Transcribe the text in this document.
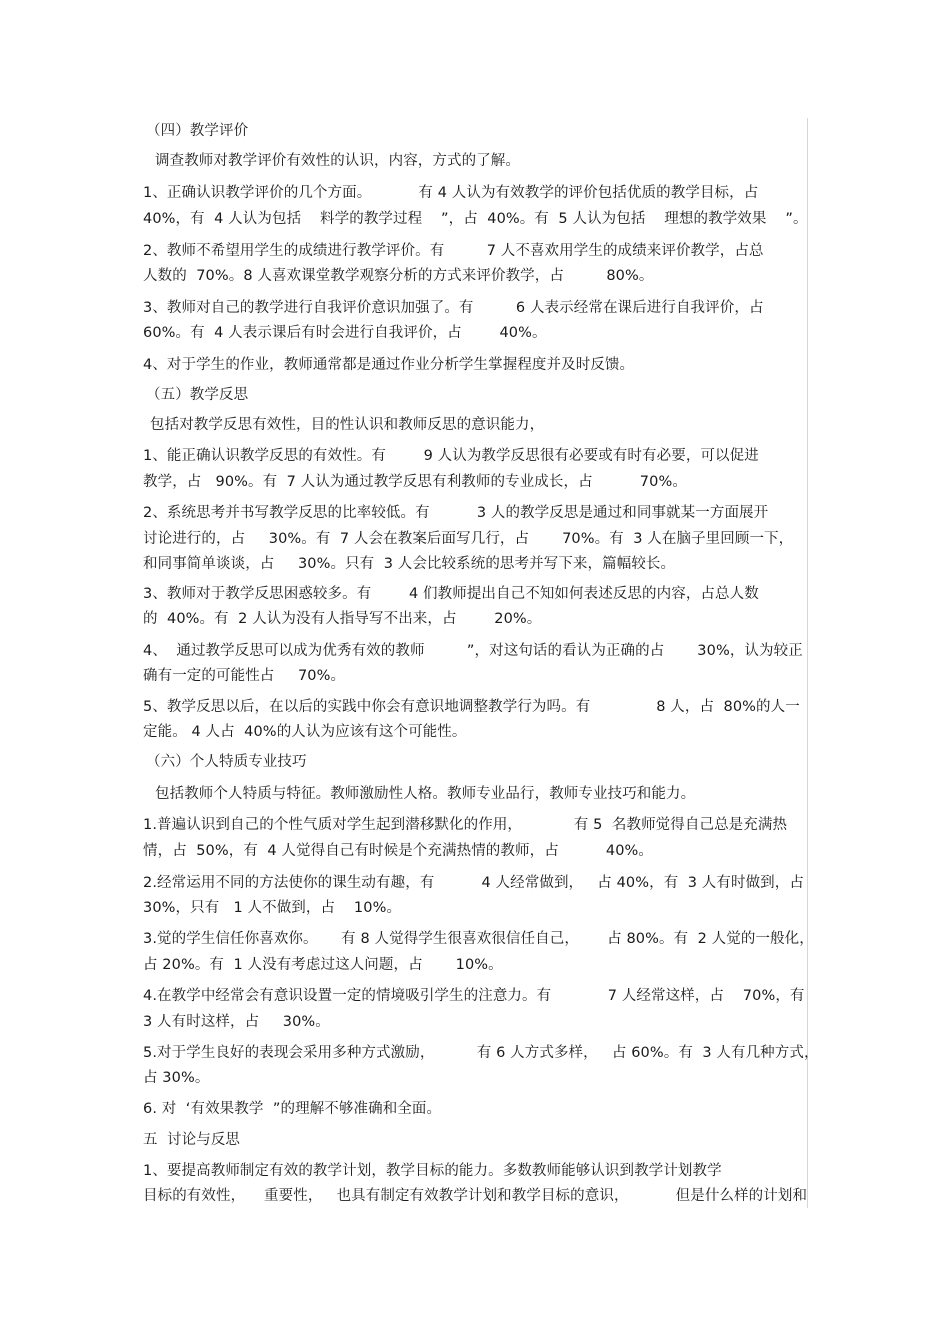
（四）教学评价
调查教师对教学评价有效性的认识，内容，方式的了解。
1、正确认识教学评价的几个方面。          有 4 人认为有效教学的评价包括优质的教学目标，占
40%，有  4 人认为包括    料学的教学过程    ”，占  40%。有  5 人认为包括    理想的教学效果    ”。
2、教师不希望用学生的成绩进行教学评价。有         7 人不喜欢用学生的成绩来评价教学，占总
人数的  70%。8 人喜欢课堂教学观察分析的方式来评价教学，占         80%。
3、教师对自己的教学进行自我评价意识加强了。有         6 人表示经常在课后进行自我评价，占
60%。有  4 人表示课后有时会进行自我评价，占        40%。
4、对于学生的作业，教师通常都是通过作业分析学生掌握程度并及时反馈。
（五）教学反思
包括对教学反思有效性，目的性认识和教师反思的意识能力，
1、能正确认识教学反思的有效性。有        9 人认为教学反思很有必要或有时有必要，可以促进
教学，占   90%。有  7 人认为通过教学反思有利教师的专业成长，占          70%。
2、系统思考并书写教学反思的比率较低。有          3 人的教学反思是通过和同事就某一方面展开
讨论进行的，占     30%。有  7 人会在教案后面写几行，占       70%。有  3 人在脑子里回顾一下，
和同事简单谈谈，占     30%。只有  3 人会比较系统的思考并写下来，篇幅较长。
3、教师对于教学反思困惑较多。有        4 们教师提出自己不知如何表述反思的内容，占总人数
的  40%。有  2 人认为没有人指导写不出来，占        20%。
4、  通过教学反思可以成为优秀有效的教师         ”，对这句话的看认为正确的占       30%，认为较正
确有一定的可能性占     70%。
5、教学反思以后，在以后的实践中你会有意识地调整教学行为吗。有              8 人，占  80%的人一
定能。 4 人占  40%的人认为应该有这个可能性。
（六）个人特质专业技巧
包括教师个人特质与特征。教师激励性人格。教师专业品行，教师专业技巧和能力。
1.普遍认识到自己的个性气质对学生起到潜移默化的作用，           有 5  名教师觉得自己总是充满热
情，占  50%，有  4 人觉得自己有时候是个充满热情的教师，占          40%。
2.经常运用不同的方法使你的课生动有趣，有          4 人经常做到，   占 40%，有  3 人有时做到，占
30%，只有   1 人不做到，占    10%。
3.觉的学生信任你喜欢你。     有 8 人觉得学生很喜欢很信任自己，      占 80%。有  2 人觉的一般化，
占 20%。有  1 人没有考虑过这人问题，占       10%。
4.在教学中经常会有意识设置一定的情境吸引学生的注意力。有            7 人经常这样，占    70%，有
3 人有时这样，占     30%。
5.对于学生良好的表现会采用多种方式激励，         有 6 人方式多样，   占 60%。有  3 人有几种方式，
占 30%。
6. 对  ‘有效果教学  ”的理解不够准确和全面。
五  讨论与反思
1、要提高教师制定有效的教学计划，教学目标的能力。多数教师能够认识到教学计划教学
目标的有效性，    重要性，   也具有制定有效教学计划和教学目标的意识，          但是什么样的计划和
